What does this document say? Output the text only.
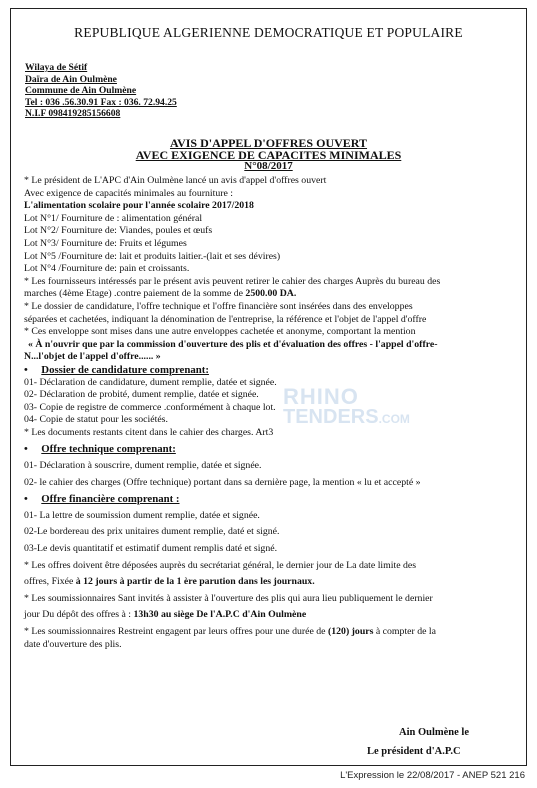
REPUBLIQUE ALGERIENNE DEMOCRATIQUE ET POPULAIRE
Wilaya de Sétif
Daïra de Ain Oulmène
Commune de Ain Oulmène
Tel : 036 .56.30.91 Fax : 036. 72.94.25
N.I.F 098419285156608
AVIS D'APPEL D'OFFRES OUVERT
AVEC EXIGENCE DE CAPACITES MINIMALES
N°08/2017
* Le président de L'APC d'Ain Oulmène lancé un avis d'appel d'offres ouvert
Avec exigence de capacités minimales au fourniture :
L'alimentation scolaire pour l'année scolaire 2017/2018
Lot N°1/ Fourniture de : alimentation général
Lot N°2/ Fourniture de: Viandes, poules et œufs
Lot N°3/ Fourniture de: Fruits et légumes
Lot N°5 /Fourniture de: lait et produits laitier.-(lait et ses dévires)
Lot N°4 /Fourniture de: pain et croissants.
* Les fournisseurs intéressés par le présent avis peuvent retirer le cahier des charges Auprès du bureau des
marches (4ème Etage) .contre paiement de la somme de 2500.00 DA.
* Le dossier de candidature, l'offre technique et l'offre financière sont insérées dans des enveloppes
séparées et cachetées, indiquant la dénomination de l'entreprise, la référence et l'objet de l'appel d'offre
* Ces enveloppe sont mises dans une autre enveloppes cachetée et anonyme, comportant la mention
« À n'ouvrir que par la commission d'ouverture des plis et d'évaluation des offres - l'appel d'offre-
N...l'objet de l'appel d'offre...... »
•     Dossier de candidature comprenant:
01- Déclaration de candidature, dument remplie, datée et signée.
02- Déclaration de probité, dument remplie, datée et signée.
03- Copie de registre de commerce .conformément à chaque lot.
04- Copie de statut pour les sociétés.
* Les documents restants citent dans le cahier des charges. Art3
•     Offre technique comprenant:
01- Déclaration à souscrire, dument remplie, datée et signée.
02- le cahier des charges (Offre technique) portant dans sa dernière page, la mention « lu et accepté »
•     Offre financière comprenant :
01- La lettre de soumission dument remplie, datée et signée.
02-Le bordereau des prix unitaires dument remplie, daté et signé.
03-Le devis quantitatif et estimatif dument remplis daté et signé.
* Les offres doivent être déposées auprès du secrétariat général, le dernier jour de La date limite des
offres, Fixée à 12 jours à partir de la 1 ère parution dans les journaux.
* Les soumissionnaires Sant invités à assister à l'ouverture des plis qui aura lieu publiquement le dernier
jour Du dépôt des offres à : 13h30 au siège De l'A.P.C d'Ain Oulmène
* Les soumissionnaires Restreint engagent par leurs offres pour une durée de (120) jours à compter de la
date d'ouverture des plis.
RHINO
TENDERS.COM
Ain Oulmène le
Le président d'A.P.C
L'Expression le 22/08/2017 - ANEP 521 216
